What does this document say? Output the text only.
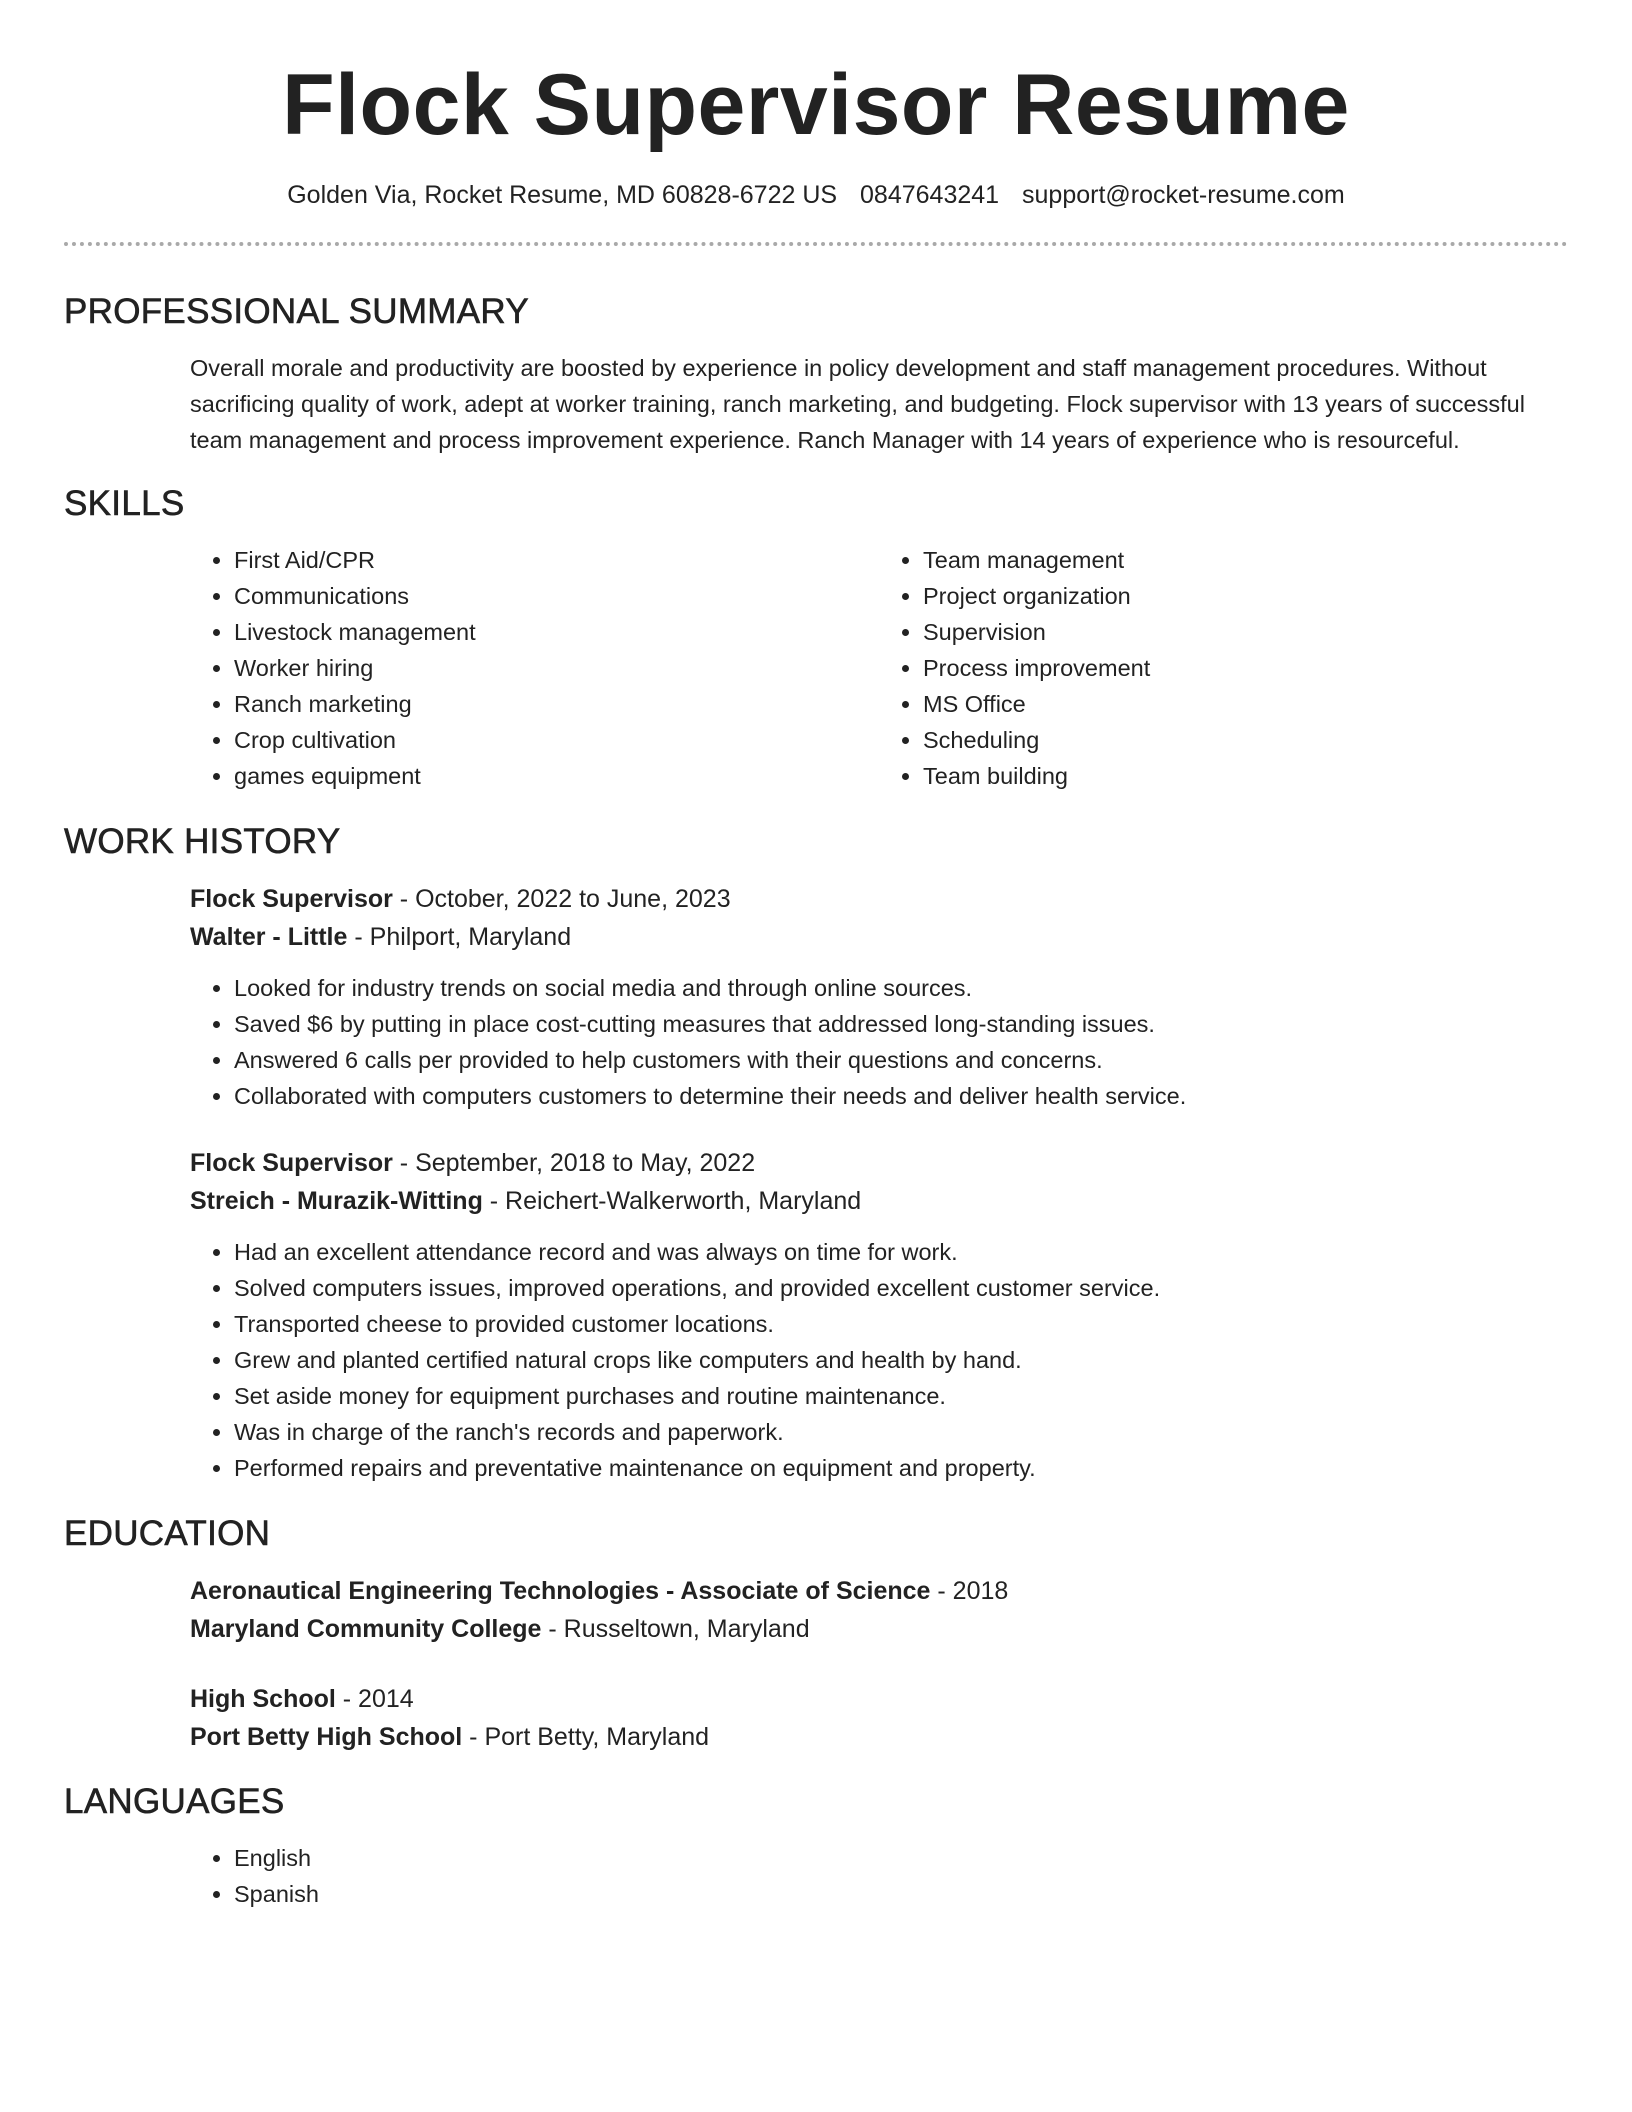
Flock Supervisor Resume
Golden Via, Rocket Resume, MD 60828-6722 US 0847643241 support@rocket-resume.com
PROFESSIONAL SUMMARY

Overall morale and productivity are boosted by experience in policy development and staff management procedures. Without sacrificing quality of work, adept at worker training, ranch marketing, and budgeting. Flock supervisor with 13 years of successful team management and process improvement experience. Ranch Manager with 14 years of experience who is resourceful.

SKILLS
• First Aid/CPR
• Communications
• Livestock management
• Worker hiring
• Ranch marketing
• Crop cultivation
• games equipment
• Team management
• Project organization
• Supervision
• Process improvement
• MS Office
• Scheduling
• Team building
WORK HISTORY

Flock Supervisor - October, 2022 to June, 2023

Walter - Little - Philport, Maryland

• Looked for industry trends on social media and through online sources.
• Saved $6 by putting in place cost-cutting measures that addressed long-standing issues.
• Answered 6 calls per provided to help customers with their questions and concerns.
• Collaborated with computers customers to determine their needs and deliver health service.

Flock Supervisor - September, 2018 to May, 2022

Streich - Murazik-Witting - Reichert-Walkerworth, Maryland

• Had an excellent attendance record and was always on time for work.
• Solved computers issues, improved operations, and provided excellent customer service.
• Transported cheese to provided customer locations.
• Grew and planted certified natural crops like computers and health by hand.
• Set aside money for equipment purchases and routine maintenance.
• Was in charge of the ranch's records and paperwork.
• Performed repairs and preventative maintenance on equipment and property.
EDUCATION

Aeronautical Engineering Technologies - Associate of Science - 2018

Maryland Community College - Russeltown, Maryland

High School - 2014

Port Betty High School - Port Betty, Maryland

LANGUAGES
• English
• Spanish
